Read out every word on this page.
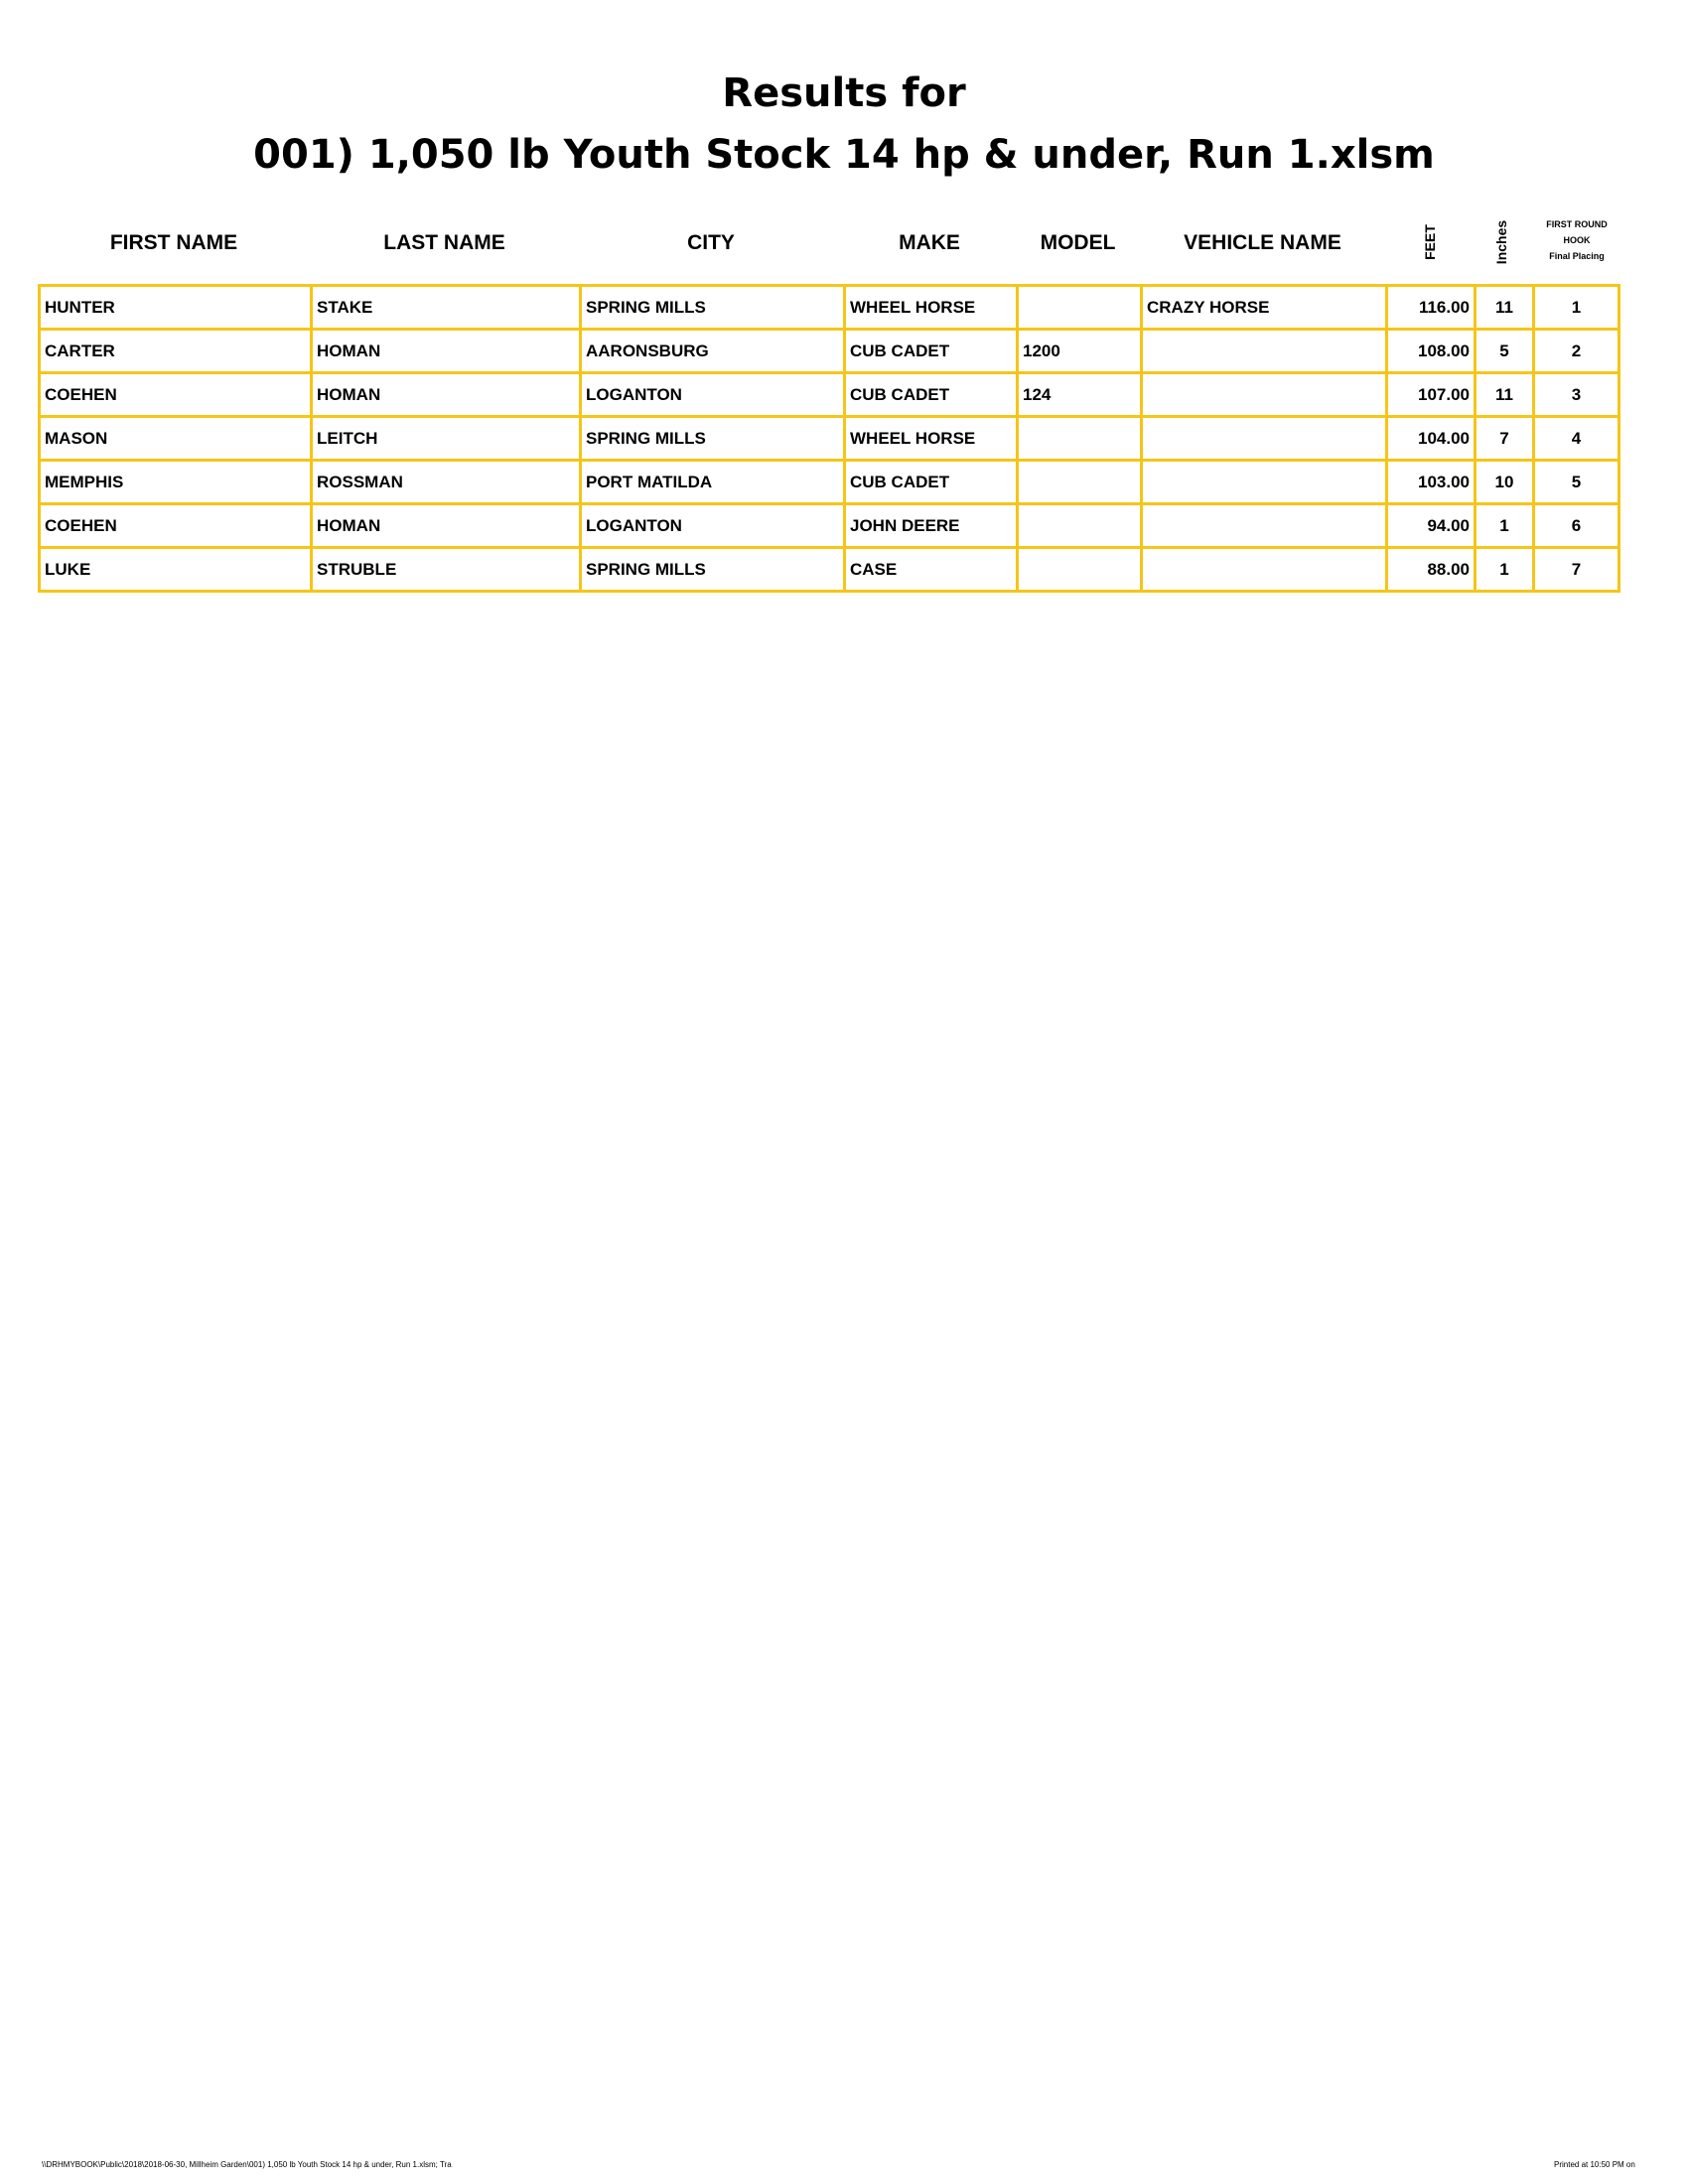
Results for
001) 1,050 lb Youth Stock 14 hp & under, Run 1.xlsm
FIRST NAME	LAST NAME	CITY	MAKE	MODEL	VEHICLE NAME	FEET	Inches	FIRST ROUND
HOOK
Final Placing
HUNTER	STAKE	SPRING MILLS	WHEEL HORSE		CRAZY HORSE	116.00	11	1
CARTER	HOMAN	AARONSBURG	CUB CADET	1200		108.00	5	2
COEHEN	HOMAN	LOGANTON	CUB CADET	124		107.00	11	3
MASON	LEITCH	SPRING MILLS	WHEEL HORSE			104.00	7	4
MEMPHIS	ROSSMAN	PORT MATILDA	CUB CADET			103.00	10	5
COEHEN	HOMAN	LOGANTON	JOHN DEERE			94.00	1	6
LUKE	STRUBLE	SPRING MILLS	CASE			88.00	1	7
\\DRHMYBOOK\Public\2018\2018-06-30, Millheim Garden\001) 1,050 lb Youth Stock 14 hp & under, Run 1.xlsm; Tra	Printed at 10:50 PM on
